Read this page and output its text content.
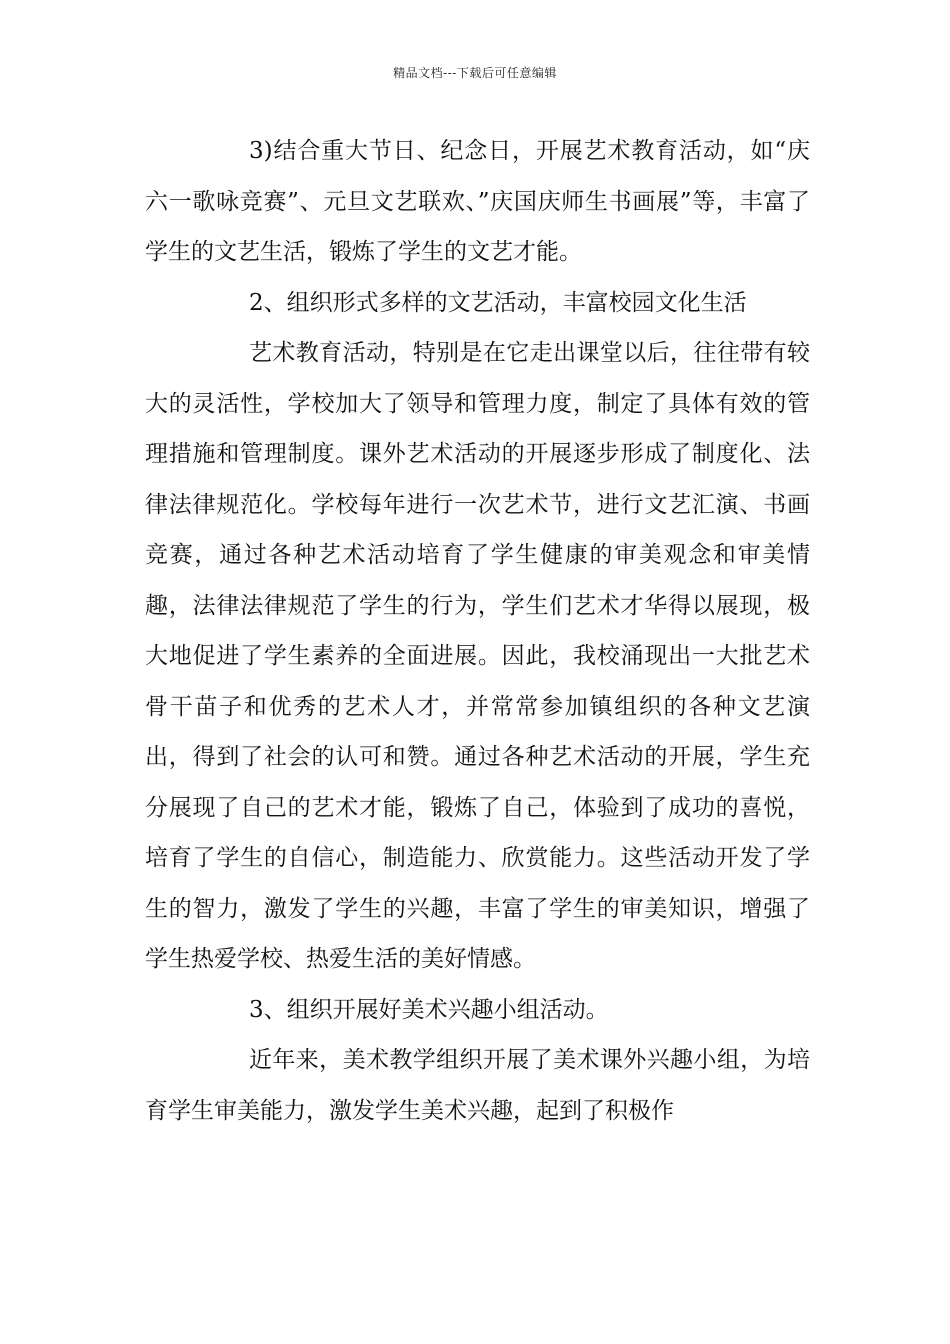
精品文档---下载后可任意编辑

3)结合重大节日、纪念日，开展艺术教育活动，如“庆六一歌咏竞赛”、元旦文艺联欢、”庆国庆师生书画展”等，丰富了学生的文艺生活，锻炼了学生的文艺才能。

2、组织形式多样的文艺活动，丰富校园文化生活

艺术教育活动，特别是在它走出课堂以后，往往带有较大的灵活性，学校加大了领导和管理力度，制定了具体有效的管理措施和管理制度。课外艺术活动的开展逐步形成了制度化、法律法律规范化。学校每年进行一次艺术节，进行文艺汇演、书画竞赛，通过各种艺术活动培育了学生健康的审美观念和审美情趣，法律法律规范了学生的行为，学生们艺术才华得以展现，极大地促进了学生素养的全面进展。因此，我校涌现出一大批艺术骨干苗子和优秀的艺术人才，并常常参加镇组织的各种文艺演出，得到了社会的认可和赞。通过各种艺术活动的开展，学生充分展现了自己的艺术才能，锻炼了自己，体验到了成功的喜悦，培育了学生的自信心，制造能力、欣赏能力。这些活动开发了学生的智力，激发了学生的兴趣，丰富了学生的审美知识，增强了学生热爱学校、热爱生活的美好情感。

3、组织开展好美术兴趣小组活动。

近年来，美术教学组织开展了美术课外兴趣小组，为培育学生审美能力，激发学生美术兴趣，起到了积极作
